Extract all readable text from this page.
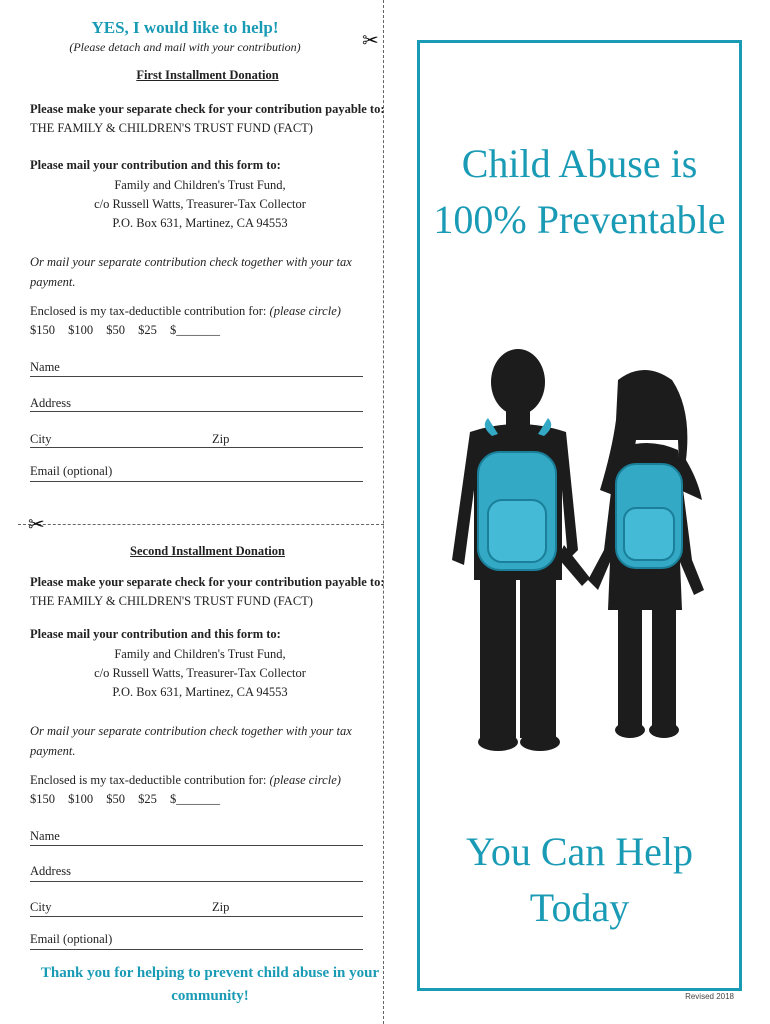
✂
✂
YES, I would like to help!
(Please detach and mail with your contribution)
First Installment Donation
Please make your separate check for your contribution payable to:
THE FAMILY & CHILDREN'S TRUST FUND (FACT)
Please mail your contribution and this form to:
Family and Children's Trust Fund,
c/o Russell Watts, Treasurer-Tax Collector
P.O. Box 631, Martinez, CA 94553
Or mail your separate contribution check together with your tax payment.
Enclosed is my tax-deductible contribution for: (please circle)
$150 $100 $50 $25 $_______
Name
Address
City	Zip
Email (optional)
Second Installment Donation
Please make your separate check for your contribution payable to:
THE FAMILY & CHILDREN'S TRUST FUND (FACT)
Please mail your contribution and this form to:
Family and Children's Trust Fund,
c/o Russell Watts, Treasurer-Tax Collector
P.O. Box 631, Martinez, CA 94553
Or mail your separate contribution check together with your tax payment.
Enclosed is my tax-deductible contribution for: (please circle)
$150 $100 $50 $25 $_______
Name
Address
City	Zip
Email (optional)
Thank you for helping to prevent child abuse in your community!
Child Abuse is
100% Preventable
You Can Help
Today
Revised 2018
